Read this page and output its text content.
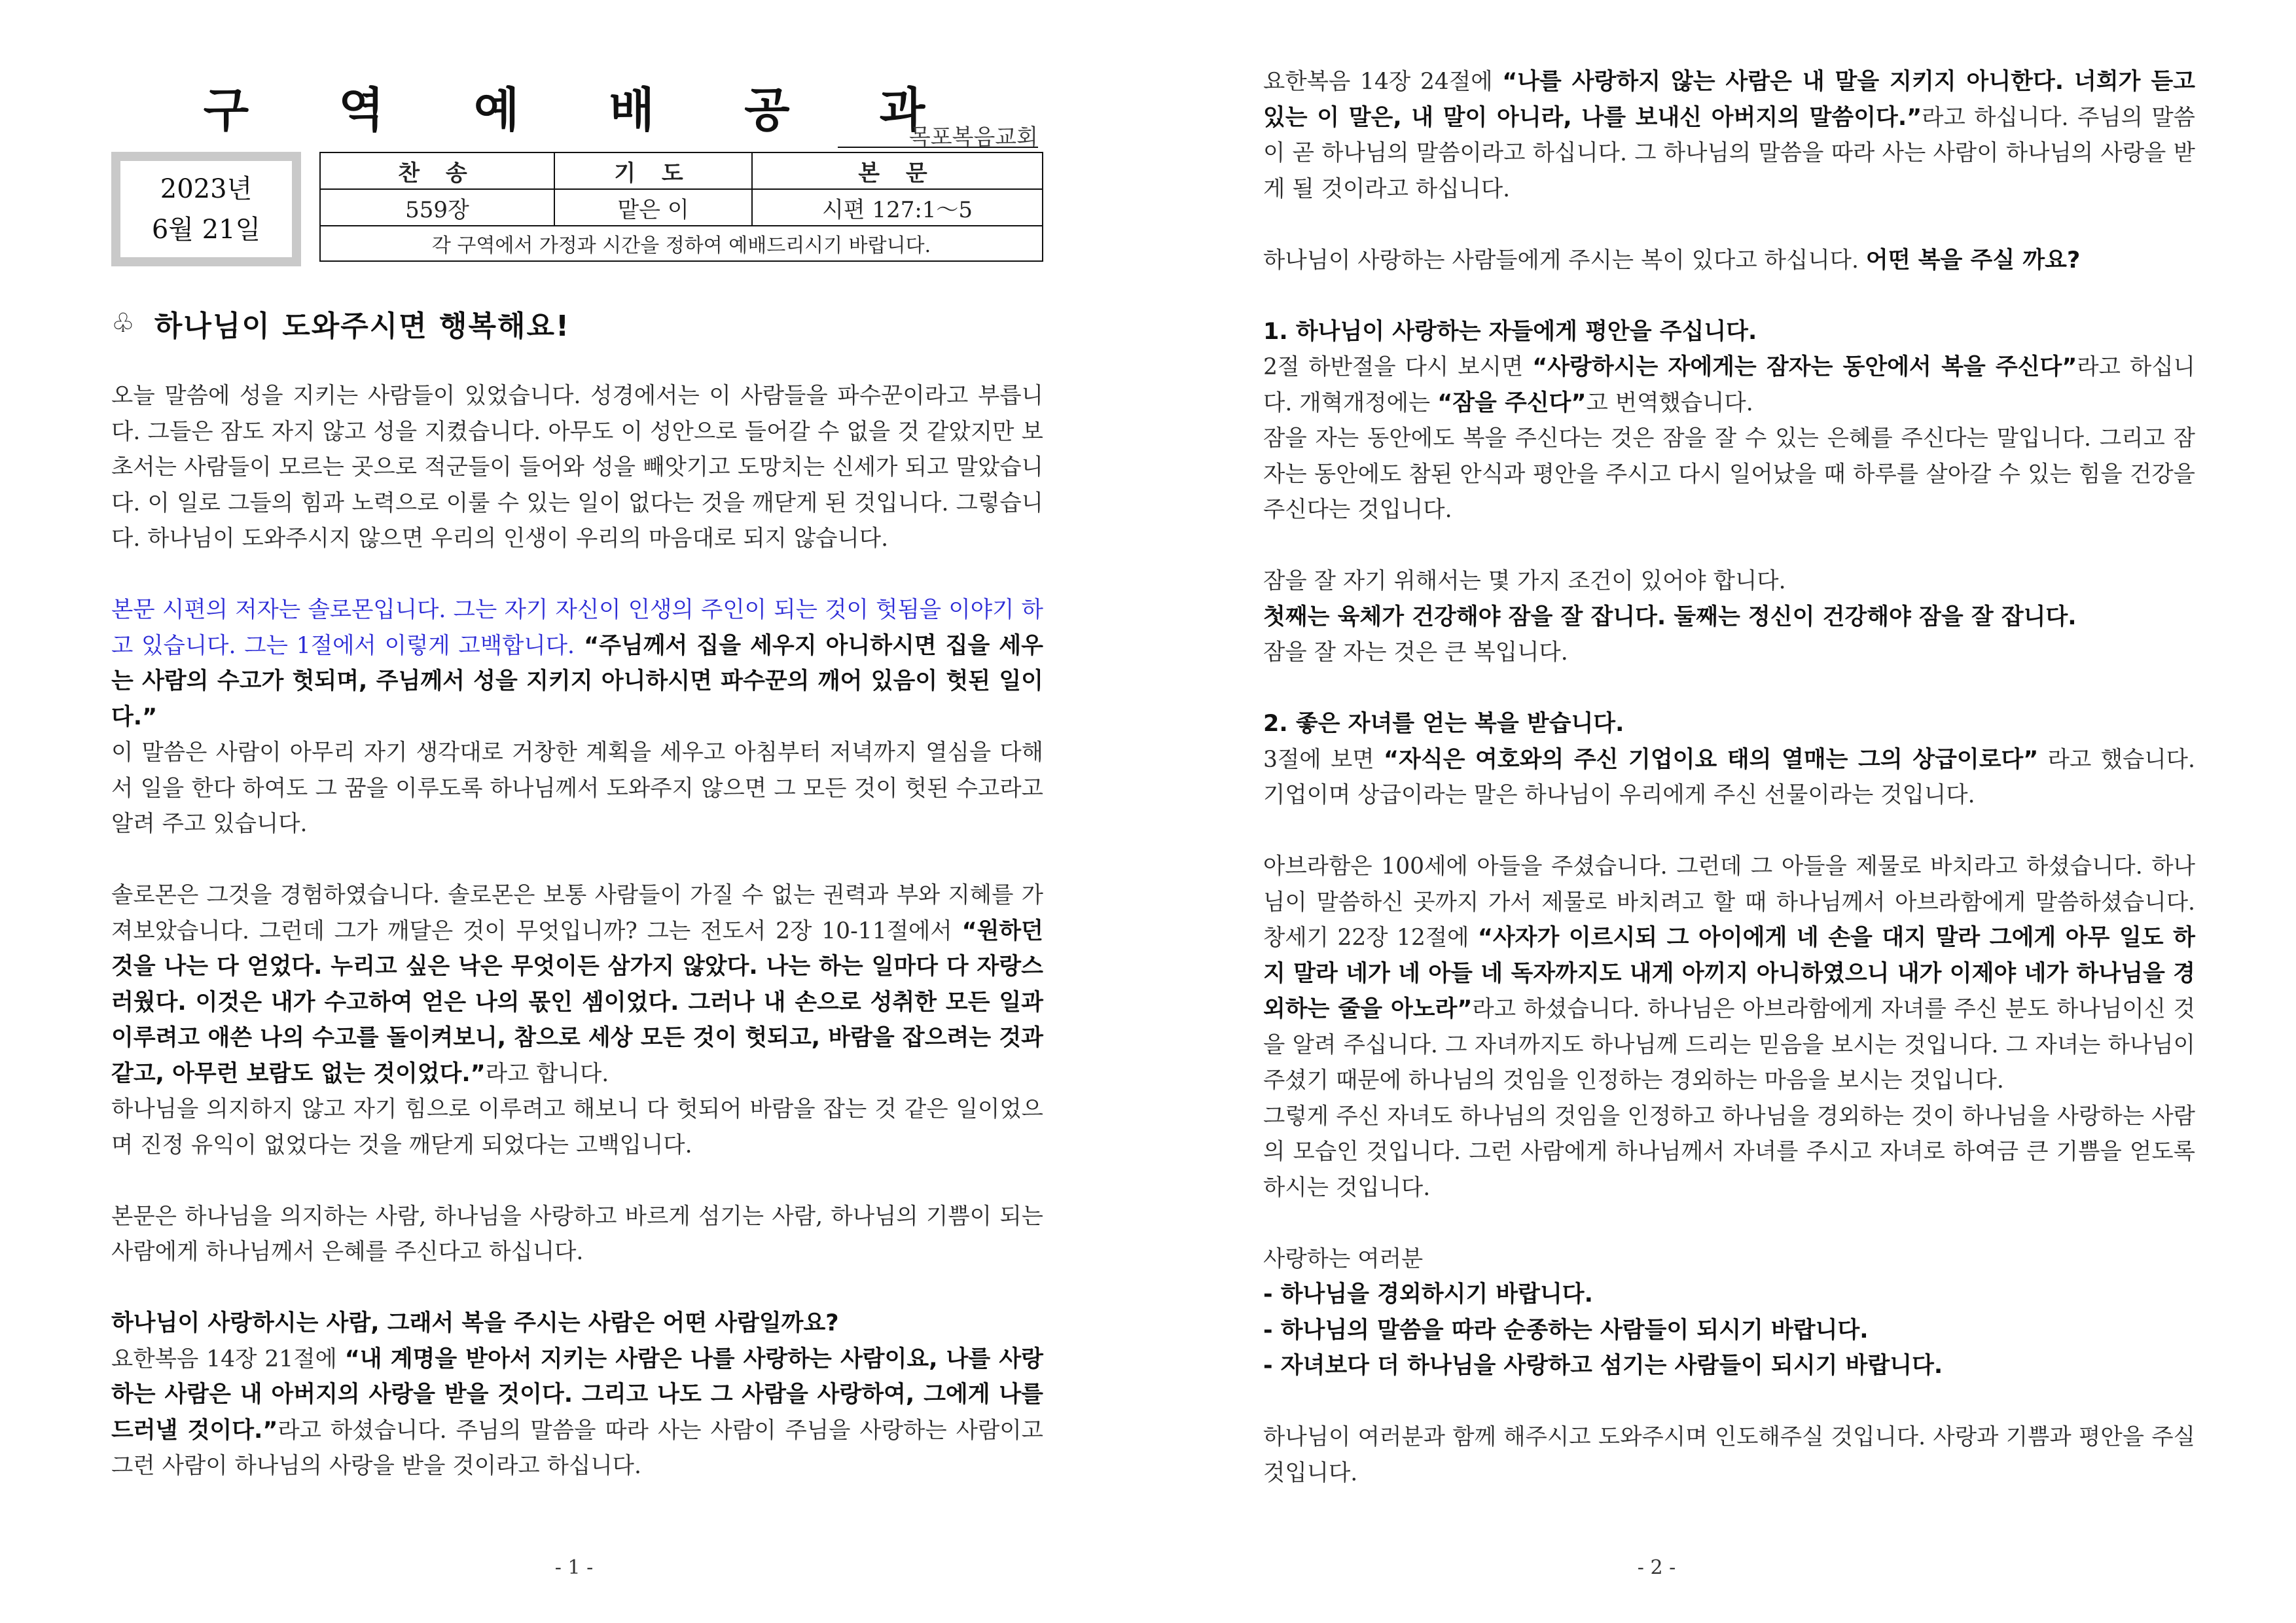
구 역 예 배 공 과
목포복음교회
2023년
6월 21일
찬 송	기 도	본 문
559장	맡은 이	시편 127:1～5
각 구역에서 가정과 시간을 정하여 예배드리시기 바랍니다.		
♧ 하나님이 도와주시면 행복해요!

오늘 말씀에 성을 지키는 사람들이 있었습니다. 성경에서는 이 사람들을 파수꾼이라고 부릅니다. 그들은 잠도 자지 않고 성을 지켰습니다. 아무도 이 성안으로 들어갈 수 없을 것 같았지만 보초서는 사람들이 모르는 곳으로 적군들이 들어와 성을 빼앗기고 도망치는 신세가 되고 말았습니다. 이 일로 그들의 힘과 노력으로 이룰 수 있는 일이 없다는 것을 깨닫게 된 것입니다. 그렇습니다. 하나님이 도와주시지 않으면 우리의 인생이 우리의 마음대로 되지 않습니다.

본문 시편의 저자는 솔로몬입니다. 그는 자기 자신이 인생의 주인이 되는 것이 헛됨을 이야기 하고 있습니다. 그는 1절에서 이렇게 고백합니다. “주님께서 집을 세우지 아니하시면 집을 세우는 사람의 수고가 헛되며, 주님께서 성을 지키지 아니하시면 파수꾼의 깨어 있음이 헛된 일이다.”

이 말씀은 사람이 아무리 자기 생각대로 거창한 계획을 세우고 아침부터 저녁까지 열심을 다해서 일을 한다 하여도 그 꿈을 이루도록 하나님께서 도와주지 않으면 그 모든 것이 헛된 수고라고 알려 주고 있습니다.

솔로몬은 그것을 경험하였습니다. 솔로몬은 보통 사람들이 가질 수 없는 권력과 부와 지혜를 가져보았습니다. 그런데 그가 깨달은 것이 무엇입니까? 그는 전도서 2장 10-11절에서 “원하던 것을 나는 다 얻었다. 누리고 싶은 낙은 무엇이든 삼가지 않았다. 나는 하는 일마다 다 자랑스러웠다. 이것은 내가 수고하여 얻은 나의 몫인 셈이었다. 그러나 내 손으로 성취한 모든 일과 이루려고 애쓴 나의 수고를 돌이켜보니, 참으로 세상 모든 것이 헛되고, 바람을 잡으려는 것과 같고, 아무런 보람도 없는 것이었다.”라고 합니다.

하나님을 의지하지 않고 자기 힘으로 이루려고 해보니 다 헛되어 바람을 잡는 것 같은 일이었으며 진정 유익이 없었다는 것을 깨닫게 되었다는 고백입니다.

본문은 하나님을 의지하는 사람, 하나님을 사랑하고 바르게 섬기는 사람, 하나님의 기쁨이 되는 사람에게 하나님께서 은혜를 주신다고 하십니다.

하나님이 사랑하시는 사람, 그래서 복을 주시는 사람은 어떤 사람일까요?

요한복음 14장 21절에 “내 계명을 받아서 지키는 사람은 나를 사랑하는 사람이요, 나를 사랑하는 사람은 내 아버지의 사랑을 받을 것이다. 그리고 나도 그 사람을 사랑하여, 그에게 나를 드러낼 것이다.”라고 하셨습니다. 주님의 말씀을 따라 사는 사람이 주님을 사랑하는 사람이고 그런 사람이 하나님의 사랑을 받을 것이라고 하십니다.

- 1 -	- 2 -

요한복음 14장 24절에 “나를 사랑하지 않는 사람은 내 말을 지키지 아니한다. 너희가 듣고 있는 이 말은, 내 말이 아니라, 나를 보내신 아버지의 말씀이다.”라고 하십니다. 주님의 말씀이 곧 하나님의 말씀이라고 하십니다. 그 하나님의 말씀을 따라 사는 사람이 하나님의 사랑을 받게 될 것이라고 하십니다.

하나님이 사랑하는 사람들에게 주시는 복이 있다고 하십니다. 어떤 복을 주실 까요?

1. 하나님이 사랑하는 자들에게 평안을 주십니다.

2절 하반절을 다시 보시면 “사랑하시는 자에게는 잠자는 동안에서 복을 주신다”라고 하십니다. 개혁개정에는 “잠을 주신다”고 번역했습니다.

잠을 자는 동안에도 복을 주신다는 것은 잠을 잘 수 있는 은혜를 주신다는 말입니다. 그리고 잠자는 동안에도 참된 안식과 평안을 주시고 다시 일어났을 때 하루를 살아갈 수 있는 힘을 건강을 주신다는 것입니다.

잠을 잘 자기 위해서는 몇 가지 조건이 있어야 합니다.

첫째는 육체가 건강해야 잠을 잘 잡니다. 둘째는 정신이 건강해야 잠을 잘 잡니다.

잠을 잘 자는 것은 큰 복입니다.

2. 좋은 자녀를 얻는 복을 받습니다.

3절에 보면 “자식은 여호와의 주신 기업이요 태의 열매는 그의 상급이로다” 라고 했습니다. 기업이며 상급이라는 말은 하나님이 우리에게 주신 선물이라는 것입니다.

아브라함은 100세에 아들을 주셨습니다. 그런데 그 아들을 제물로 바치라고 하셨습니다. 하나님이 말씀하신 곳까지 가서 제물로 바치려고 할 때 하나님께서 아브라함에게 말씀하셨습니다. 창세기 22장 12절에 “사자가 이르시되 그 아이에게 네 손을 대지 말라 그에게 아무 일도 하지 말라 네가 네 아들 네 독자까지도 내게 아끼지 아니하였으니 내가 이제야 네가 하나님을 경외하는 줄을 아노라”라고 하셨습니다. 하나님은 아브라함에게 자녀를 주신 분도 하나님이신 것을 알려 주십니다. 그 자녀까지도 하나님께 드리는 믿음을 보시는 것입니다. 그 자녀는 하나님이 주셨기 때문에 하나님의 것임을 인정하는 경외하는 마음을 보시는 것입니다.

그렇게 주신 자녀도 하나님의 것임을 인정하고 하나님을 경외하는 것이 하나님을 사랑하는 사람의 모습인 것입니다. 그런 사람에게 하나님께서 자녀를 주시고 자녀로 하여금 큰 기쁨을 얻도록 하시는 것입니다.

사랑하는 여러분

- 하나님을 경외하시기 바랍니다.

- 하나님의 말씀을 따라 순종하는 사람들이 되시기 바랍니다.

- 자녀보다 더 하나님을 사랑하고 섬기는 사람들이 되시기 바랍니다.

하나님이 여러분과 함께 해주시고 도와주시며 인도해주실 것입니다. 사랑과 기쁨과 평안을 주실 것입니다.
